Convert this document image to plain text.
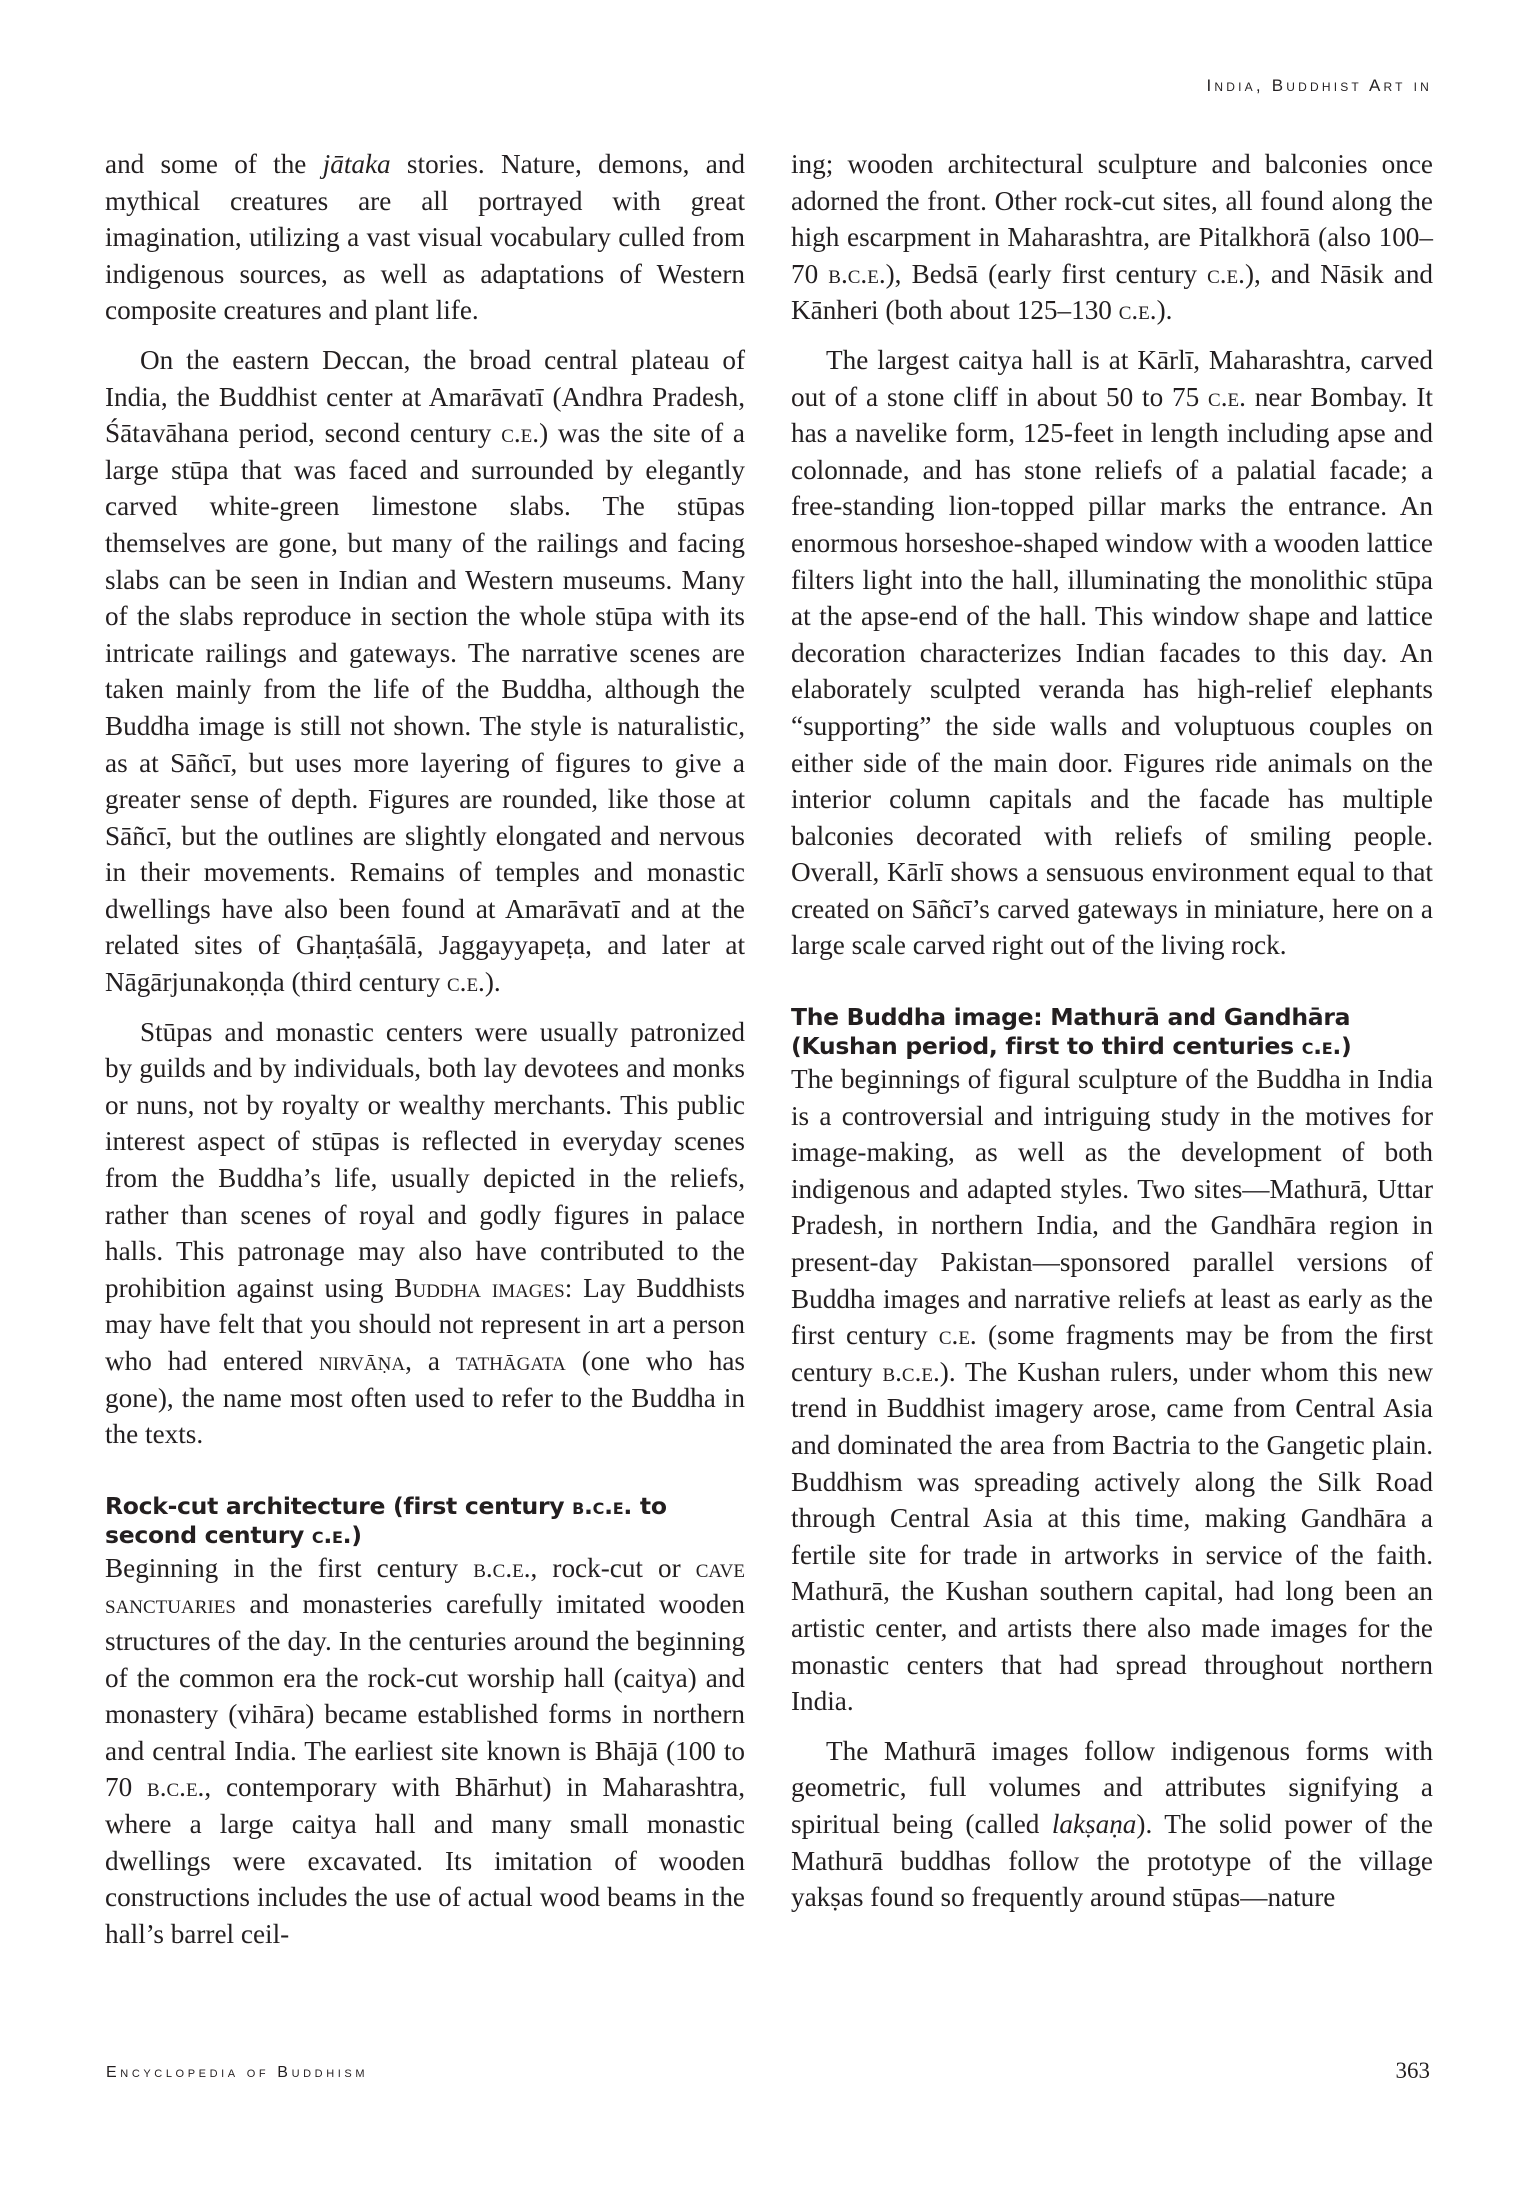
India, Buddhist Art in

and some of the jātaka stories. Nature, demons, and mythical creatures are all portrayed with great imagination, utilizing a vast visual vocabulary culled from indigenous sources, as well as adaptations of Western composite creatures and plant life.

On the eastern Deccan, the broad central plateau of India, the Buddhist center at Amarāvatī (Andhra Pradesh, Śātavāhana period, second century c.e.) was the site of a large stūpa that was faced and surrounded by elegantly carved white-green limestone slabs. The stūpas themselves are gone, but many of the railings and facing slabs can be seen in Indian and Western museums. Many of the slabs reproduce in section the whole stūpa with its intricate railings and gateways. The narrative scenes are taken mainly from the life of the Buddha, although the Buddha image is still not shown. The style is naturalistic, as at Sāñcī, but uses more layering of figures to give a greater sense of depth. Figures are rounded, like those at Sāñcī, but the outlines are slightly elongated and nervous in their movements. Remains of temples and monastic dwellings have also been found at Amarāvatī and at the related sites of Ghaṇṭaśālā, Jaggayyapeṭa, and later at Nāgārjunakoṇḍa (third century c.e.).

Stūpas and monastic centers were usually patronized by guilds and by individuals, both lay devotees and monks or nuns, not by royalty or wealthy merchants. This public interest aspect of stūpas is reflected in everyday scenes from the Buddha’s life, usually depicted in the reliefs, rather than scenes of royal and godly figures in palace halls. This patronage may also have contributed to the prohibition against using Buddha images: Lay Buddhists may have felt that you should not represent in art a person who had entered nirvāṇa, a tathāgata (one who has gone), the name most often used to refer to the Buddha in the texts.

Rock-cut architecture (first century b.c.e. to second century c.e.)

Beginning in the first century b.c.e., rock-cut or cave sanctuaries and monasteries carefully imitated wooden structures of the day. In the centuries around the beginning of the common era the rock-cut worship hall (caitya) and monastery (vihāra) became established forms in northern and central India. The earliest site known is Bhājā (100 to 70 b.c.e., contemporary with Bhārhut) in Maharashtra, where a large caitya hall and many small monastic dwellings were excavated. Its imitation of wooden constructions includes the use of actual wood beams in the hall’s barrel ceil-

ing; wooden architectural sculpture and balconies once adorned the front. Other rock-cut sites, all found along the high escarpment in Maharashtra, are Pitalkhorā (also 100–70 b.c.e.), Bedsā (early first century c.e.), and Nāsik and Kānheri (both about 125–130 c.e.).

The largest caitya hall is at Kārlī, Maharashtra, carved out of a stone cliff in about 50 to 75 c.e. near Bombay. It has a navelike form, 125-feet in length including apse and colonnade, and has stone reliefs of a palatial facade; a free-standing lion-topped pillar marks the entrance. An enormous horseshoe-shaped window with a wooden lattice filters light into the hall, illuminating the monolithic stūpa at the apse-end of the hall. This window shape and lattice decoration characterizes Indian facades to this day. An elaborately sculpted veranda has high-relief elephants “supporting” the side walls and voluptuous couples on either side of the main door. Figures ride animals on the interior column capitals and the facade has multiple balconies decorated with reliefs of smiling people. Overall, Kārlī shows a sensuous environment equal to that created on Sāñcī’s carved gateways in miniature, here on a large scale carved right out of the living rock.

The Buddha image: Mathurā and Gandhāra (Kushan period, first to third centuries c.e.)

The beginnings of figural sculpture of the Buddha in India is a controversial and intriguing study in the motives for image-making, as well as the development of both indigenous and adapted styles. Two sites—Mathurā, Uttar Pradesh, in northern India, and the Gandhāra region in present-day Pakistan—sponsored parallel versions of Buddha images and narrative reliefs at least as early as the first century c.e. (some fragments may be from the first century b.c.e.). The Kushan rulers, under whom this new trend in Buddhist imagery arose, came from Central Asia and dominated the area from Bactria to the Gangetic plain. Buddhism was spreading actively along the Silk Road through Central Asia at this time, making Gandhāra a fertile site for trade in artworks in service of the faith. Mathurā, the Kushan southern capital, had long been an artistic center, and artists there also made images for the monastic centers that had spread throughout northern India.

The Mathurā images follow indigenous forms with geometric, full volumes and attributes signifying a spiritual being (called lakṣaṇa). The solid power of the Mathurā buddhas follow the prototype of the village yakṣas found so frequently around stūpas—nature

Encyclopedia of Buddhism	363
